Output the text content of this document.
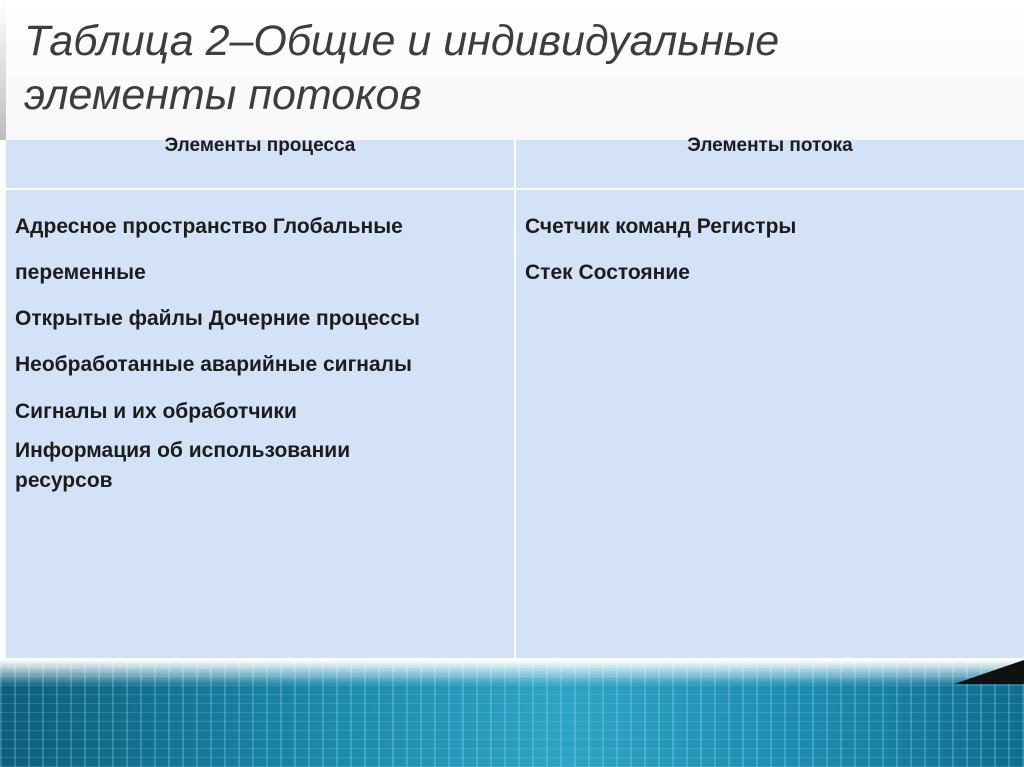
Таблица 2–Общие и индивидуальные элементы потоков
Элементы процесса	Элементы потока
Адресное пространство Глобальные
переменные
Открытые файлы Дочерние процессы
Необработанные аварийные сигналы
Сигналы и их обработчики
Информация об использовании
ресурсов
Счетчик команд Регистры
Стек Состояние
